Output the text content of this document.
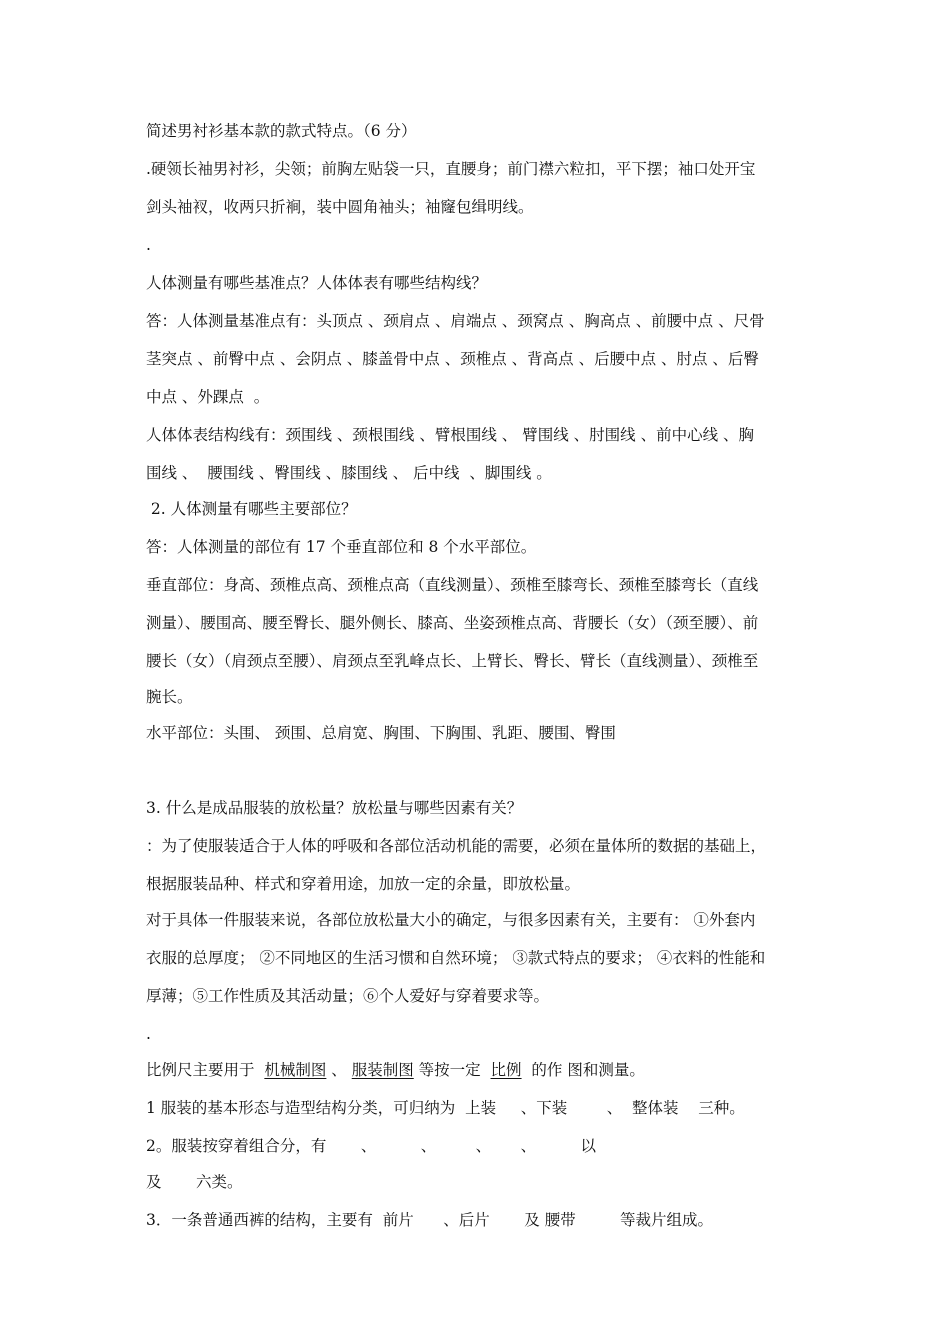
简述男衬衫基本款的款式特点。（6 分）
.硬领长袖男衬衫，尖领；前胸左贴袋一只，直腰身；前门襟六粒扣，平下摆；袖口处开宝
剑头袖衩，收两只折裥，装中圆角袖头；袖窿包缉明线。
.
人体测量有哪些基准点？人体体表有哪些结构线？
答：人体测量基准点有：头顶点 、颈肩点 、肩端点 、颈窝点 、胸高点 、前腰中点 、尺骨
茎突点 、前臀中点 、会阴点 、膝盖骨中点 、颈椎点 、背高点 、后腰中点 、肘点 、后臀
中点 、外踝点  。
人体体表结构线有：颈围线 、颈根围线 、臂根围线 、 臂围线 、肘围线 、前中心线 、胸
围线 、  腰围线 、臀围线 、膝围线 、 后中线  、脚围线 。
2. 人体测量有哪些主要部位？
答：人体测量的部位有 17 个垂直部位和 8 个水平部位。
垂直部位：身高、颈椎点高、颈椎点高（直线测量）、颈椎至膝弯长、颈椎至膝弯长（直线
测量）、腰围高、腰至臀长、腿外侧长、膝高、坐姿颈椎点高、背腰长（女）（颈至腰）、前
腰长（女）（肩颈点至腰）、肩颈点至乳峰点长、上臂长、臀长、臂长（直线测量）、颈椎至
腕长。
水平部位：头围、 颈围、总肩宽、胸围、下胸围、乳距、腰围、臀围
3. 什么是成品服装的放松量？放松量与哪些因素有关？
：为了使服装适合于人体的呼吸和各部位活动机能的需要，必须在量体所的数据的基础上，
根据服装品种、样式和穿着用途，加放一定的余量，即放松量。
对于具体一件服装来说，各部位放松量大小的确定，与很多因素有关，主要有： ①外套内
衣服的总厚度； ②不同地区的生活习惯和自然环境； ③款式特点的要求； ④衣料的性能和
厚薄；⑤工作性质及其活动量；⑥个人爱好与穿着要求等。
.
比例尺主要用于  机械制图 、 服装制图 等按一定  比例  的作 图和测量。
1 服装的基本形态与造型结构分类，可归纳为  上装     、下装        、  整体装    三种。
2。服装按穿着组合分，有       、         、        、      、         以
及       六类。
3．一条普通西裤的结构，主要有  前片      、后片       及 腰带         等裁片组成。
